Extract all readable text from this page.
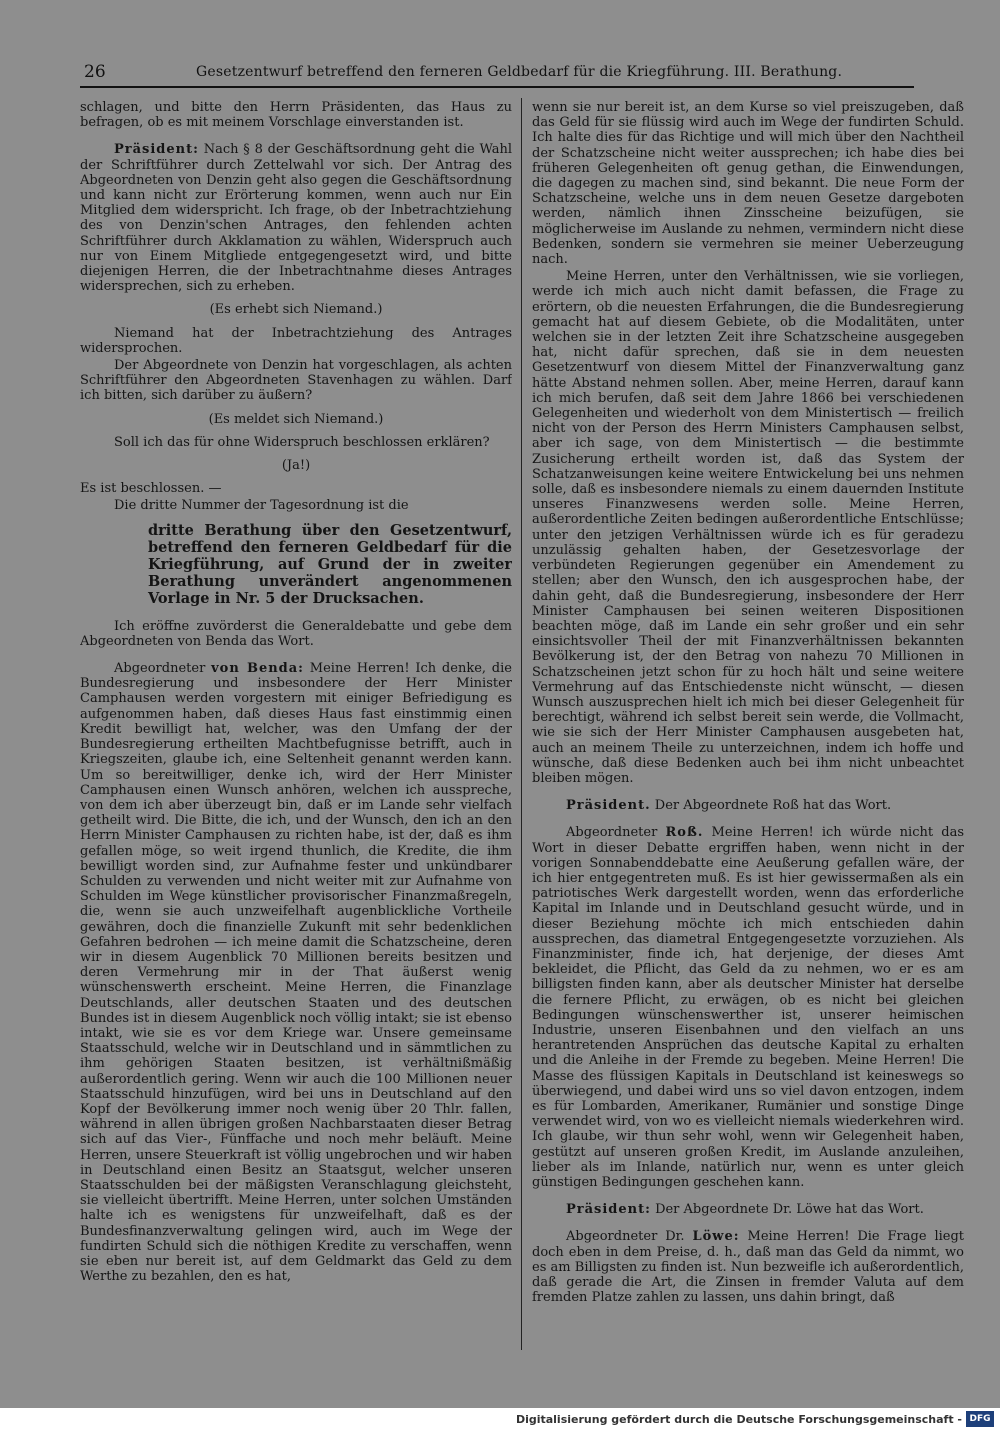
26	Gesetzentwurf betreffend den ferneren Geldbedarf für die Kriegführung. III. Berathung.

schlagen, und bitte den Herrn Präsidenten, das Haus zu befragen, ob es mit meinem Vorschlage einverstanden ist.

Präsident: Nach § 8 der Geschäftsordnung geht die Wahl der Schriftführer durch Zettelwahl vor sich. Der Antrag des Abgeordneten von Denzin geht also gegen die Geschäftsordnung und kann nicht zur Erörterung kommen, wenn auch nur Ein Mitglied dem widerspricht. Ich frage, ob der Inbetrachtziehung des von Denzin'schen Antrages, den fehlenden achten Schriftführer durch Akklamation zu wählen, Widerspruch auch nur von Einem Mitgliede entgegengesetzt wird, und bitte diejenigen Herren, die der Inbetrachtnahme dieses Antrages widersprechen, sich zu erheben.

(Es erhebt sich Niemand.)

Niemand hat der Inbetrachtziehung des Antrages widersprochen.

Der Abgeordnete von Denzin hat vorgeschlagen, als achten Schriftführer den Abgeordneten Stavenhagen zu wählen. Darf ich bitten, sich darüber zu äußern?

(Es meldet sich Niemand.)

Soll ich das für ohne Widerspruch beschlossen erklären?

(Ja!)

Es ist beschlossen. —

Die dritte Nummer der Tagesordnung ist die

dritte Berathung über den Gesetzentwurf, betreffend den ferneren Geldbedarf für die Kriegführung, auf Grund der in zweiter Berathung unverändert angenommenen Vorlage in Nr. 5 der Drucksachen.

Ich eröffne zuvörderst die Generaldebatte und gebe dem Abgeordneten von Benda das Wort.

Abgeordneter von Benda: Meine Herren! Ich denke, die Bundesregierung und insbesondere der Herr Minister Camphausen werden vorgestern mit einiger Befriedigung es aufgenommen haben, daß dieses Haus fast einstimmig einen Kredit bewilligt hat, welcher, was den Umfang der der Bundesregierung ertheilten Machtbefugnisse betrifft, auch in Kriegszeiten, glaube ich, eine Seltenheit genannt werden kann. Um so bereitwilliger, denke ich, wird der Herr Minister Camphausen einen Wunsch anhören, welchen ich ausspreche, von dem ich aber überzeugt bin, daß er im Lande sehr vielfach getheilt wird. Die Bitte, die ich, und der Wunsch, den ich an den Herrn Minister Camphausen zu richten habe, ist der, daß es ihm gefallen möge, so weit irgend thunlich, die Kredite, die ihm bewilligt worden sind, zur Aufnahme fester und unkündbarer Schulden zu verwenden und nicht weiter mit zur Aufnahme von Schulden im Wege künstlicher provisorischer Finanzmaßregeln, die, wenn sie auch unzweifelhaft augenblickliche Vortheile gewähren, doch die finanzielle Zukunft mit sehr bedenklichen Gefahren bedrohen — ich meine damit die Schatzscheine, deren wir in diesem Augenblick 70 Millionen bereits besitzen und deren Vermehrung mir in der That äußerst wenig wünschenswerth erscheint. Meine Herren, die Finanzlage Deutschlands, aller deutschen Staaten und des deutschen Bundes ist in diesem Augenblick noch völlig intakt; sie ist ebenso intakt, wie sie es vor dem Kriege war. Unsere gemeinsame Staatsschuld, welche wir in Deutschland und in sämmtlichen zu ihm gehörigen Staaten besitzen, ist verhältnißmäßig außerordentlich gering. Wenn wir auch die 100 Millionen neuer Staatsschuld hinzufügen, wird bei uns in Deutschland auf den Kopf der Bevölkerung immer noch wenig über 20 Thlr. fallen, während in allen übrigen großen Nachbarstaaten dieser Betrag sich auf das Vier-, Fünffache und noch mehr beläuft. Meine Herren, unsere Steuerkraft ist völlig ungebrochen und wir haben in Deutschland einen Besitz an Staatsgut, welcher unseren Staatsschulden bei der mäßigsten Veranschlagung gleichsteht, sie vielleicht übertrifft. Meine Herren, unter solchen Umständen halte ich es wenigstens für unzweifelhaft, daß es der Bundesfinanzverwaltung gelingen wird, auch im Wege der fundirten Schuld sich die nöthigen Kredite zu verschaffen, wenn sie eben nur bereit ist, auf dem Geldmarkt das Geld zu dem Werthe zu bezahlen, den es hat,

wenn sie nur bereit ist, an dem Kurse so viel preiszugeben, daß das Geld für sie flüssig wird auch im Wege der fundirten Schuld. Ich halte dies für das Richtige und will mich über den Nachtheil der Schatzscheine nicht weiter aussprechen; ich habe dies bei früheren Gelegenheiten oft genug gethan, die Einwendungen, die dagegen zu machen sind, sind bekannt. Die neue Form der Schatzscheine, welche uns in dem neuen Gesetze dargeboten werden, nämlich ihnen Zinsscheine beizufügen, sie möglicherweise im Auslande zu nehmen, vermindern nicht diese Bedenken, sondern sie vermehren sie meiner Ueberzeugung nach.

Meine Herren, unter den Verhältnissen, wie sie vorliegen, werde ich mich auch nicht damit befassen, die Frage zu erörtern, ob die neuesten Erfahrungen, die die Bundesregierung gemacht hat auf diesem Gebiete, ob die Modalitäten, unter welchen sie in der letzten Zeit ihre Schatzscheine ausgegeben hat, nicht dafür sprechen, daß sie in dem neuesten Gesetzentwurf von diesem Mittel der Finanzverwaltung ganz hätte Abstand nehmen sollen. Aber, meine Herren, darauf kann ich mich berufen, daß seit dem Jahre 1866 bei verschiedenen Gelegenheiten und wiederholt von dem Ministertisch — freilich nicht von der Person des Herrn Ministers Camphausen selbst, aber ich sage, von dem Ministertisch — die bestimmte Zusicherung ertheilt worden ist, daß das System der Schatzanweisungen keine weitere Entwickelung bei uns nehmen solle, daß es insbesondere niemals zu einem dauernden Institute unseres Finanzwesens werden solle. Meine Herren, außerordentliche Zeiten bedingen außerordentliche Entschlüsse; unter den jetzigen Verhältnissen würde ich es für geradezu unzulässig gehalten haben, der Gesetzesvorlage der verbündeten Regierungen gegenüber ein Amendement zu stellen; aber den Wunsch, den ich ausgesprochen habe, der dahin geht, daß die Bundesregierung, insbesondere der Herr Minister Camphausen bei seinen weiteren Dispositionen beachten möge, daß im Lande ein sehr großer und ein sehr einsichtsvoller Theil der mit Finanzverhältnissen bekannten Bevölkerung ist, der den Betrag von nahezu 70 Millionen in Schatzscheinen jetzt schon für zu hoch hält und seine weitere Vermehrung auf das Entschiedenste nicht wünscht, — diesen Wunsch auszusprechen hielt ich mich bei dieser Gelegenheit für berechtigt, während ich selbst bereit sein werde, die Vollmacht, wie sie sich der Herr Minister Camphausen ausgebeten hat, auch an meinem Theile zu unterzeichnen, indem ich hoffe und wünsche, daß diese Bedenken auch bei ihm nicht unbeachtet bleiben mögen.

Präsident. Der Abgeordnete Roß hat das Wort.

Abgeordneter Roß. Meine Herren! ich würde nicht das Wort in dieser Debatte ergriffen haben, wenn nicht in der vorigen Sonnabenddebatte eine Aeußerung gefallen wäre, der ich hier entgegentreten muß. Es ist hier gewissermaßen als ein patriotisches Werk dargestellt worden, wenn das erforderliche Kapital im Inlande und in Deutschland gesucht würde, und in dieser Beziehung möchte ich mich entschieden dahin aussprechen, das diametral Entgegengesetzte vorzuziehen. Als Finanzminister, finde ich, hat derjenige, der dieses Amt bekleidet, die Pflicht, das Geld da zu nehmen, wo er es am billigsten finden kann, aber als deutscher Minister hat derselbe die fernere Pflicht, zu erwägen, ob es nicht bei gleichen Bedingungen wünschenswerther ist, unserer heimischen Industrie, unseren Eisenbahnen und den vielfach an uns herantretenden Ansprüchen das deutsche Kapital zu erhalten und die Anleihe in der Fremde zu begeben. Meine Herren! Die Masse des flüssigen Kapitals in Deutschland ist keineswegs so überwiegend, und dabei wird uns so viel davon entzogen, indem es für Lombarden, Amerikaner, Rumänier und sonstige Dinge verwendet wird, von wo es vielleicht niemals wiederkehren wird. Ich glaube, wir thun sehr wohl, wenn wir Gelegenheit haben, gestützt auf unseren großen Kredit, im Auslande anzuleihen, lieber als im Inlande, natürlich nur, wenn es unter gleich günstigen Bedingungen geschehen kann.

Präsident: Der Abgeordnete Dr. Löwe hat das Wort.

Abgeordneter Dr. Löwe: Meine Herren! Die Frage liegt doch eben in dem Preise, d. h., daß man das Geld da nimmt, wo es am Billigsten zu finden ist. Nun bezweifle ich außerordentlich, daß gerade die Art, die Zinsen in fremder Valuta auf dem fremden Platze zahlen zu lassen, uns dahin bringt, daß

Digitalisierung gefördert durch die Deutsche Forschungsgemeinschaft - DFG
